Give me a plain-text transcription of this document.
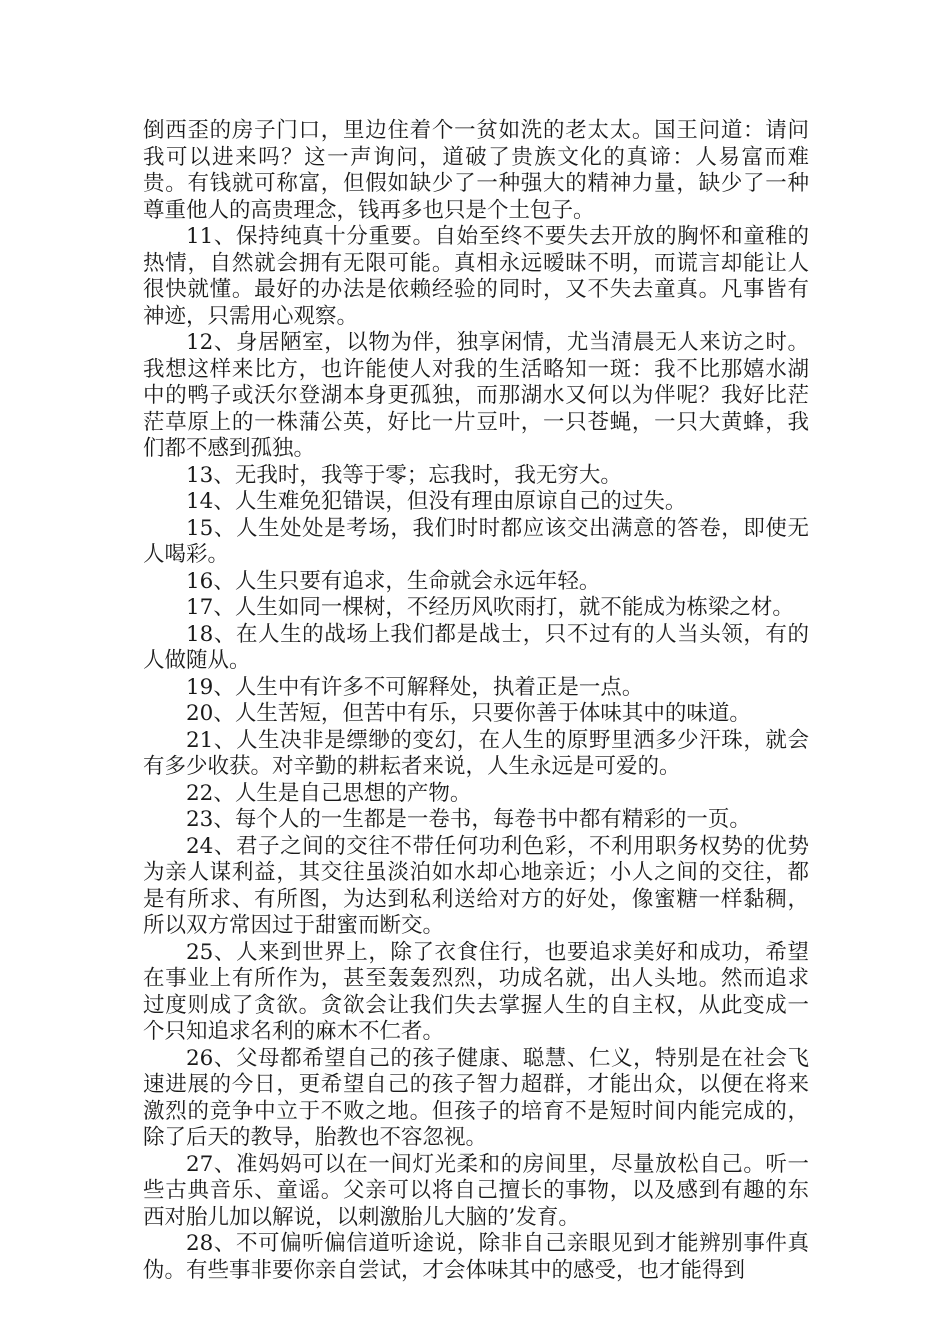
倒西歪的房子门口，里边住着个一贫如洗的老太太。国王问道：请问我可以进来吗？这一声询问，道破了贵族文化的真谛：人易富而难贵。有钱就可称富，但假如缺少了一种强大的精神力量，缺少了一种尊重他人的高贵理念，钱再多也只是个土包子。

11、保持纯真十分重要。自始至终不要失去开放的胸怀和童稚的热情，自然就会拥有无限可能。真相永远暧昧不明，而谎言却能让人很快就懂。最好的办法是依赖经验的同时，又不失去童真。凡事皆有神迹，只需用心观察。

12、身居陋室，以物为伴，独享闲情，尤当清晨无人来访之时。我想这样来比方，也许能使人对我的生活略知一斑：我不比那嬉水湖中的鸭子或沃尔登湖本身更孤独，而那湖水又何以为伴呢？我好比茫茫草原上的一株蒲公英，好比一片豆叶，一只苍蝇，一只大黄蜂，我们都不感到孤独。

13、无我时，我等于零；忘我时，我无穷大。

14、人生难免犯错误，但没有理由原谅自己的过失。

15、人生处处是考场，我们时时都应该交出满意的答卷，即使无人喝彩。

16、人生只要有追求，生命就会永远年轻。

17、人生如同一棵树，不经历风吹雨打，就不能成为栋梁之材。

18、在人生的战场上我们都是战士，只不过有的人当头领，有的人做随从。

19、人生中有许多不可解释处，执着正是一点。

20、人生苦短，但苦中有乐，只要你善于体味其中的味道。

21、人生决非是缥缈的变幻，在人生的原野里洒多少汗珠，就会有多少收获。对辛勤的耕耘者来说，人生永远是可爱的。

22、人生是自己思想的产物。

23、每个人的一生都是一卷书，每卷书中都有精彩的一页。

24、君子之间的交往不带任何功利色彩，不利用职务权势的优势为亲人谋利益，其交往虽淡泊如水却心地亲近；小人之间的交往，都是有所求、有所图，为达到私利送给对方的好处，像蜜糖一样黏稠，所以双方常因过于甜蜜而断交。

25、人来到世界上，除了衣食住行，也要追求美好和成功，希望在事业上有所作为，甚至轰轰烈烈，功成名就，出人头地。然而追求过度则成了贪欲。贪欲会让我们失去掌握人生的自主权，从此变成一个只知追求名利的麻木不仁者。

26、父母都希望自己的孩子健康、聪慧、仁义，特别是在社会飞速进展的今日，更希望自己的孩子智力超群，才能出众，以便在将来激烈的竞争中立于不败之地。但孩子的培育不是短时间内能完成的，除了后天的教导，胎教也不容忽视。

27、准妈妈可以在一间灯光柔和的房间里，尽量放松自己。听一些古典音乐、童谣。父亲可以将自己擅长的事物，以及感到有趣的东西对胎儿加以解说，以刺激胎儿大脑的’发育。

28、不可偏听偏信道听途说，除非自己亲眼见到才能辨别事件真伪。有些事非要你亲自尝试，才会体味其中的感受，也才能得到
